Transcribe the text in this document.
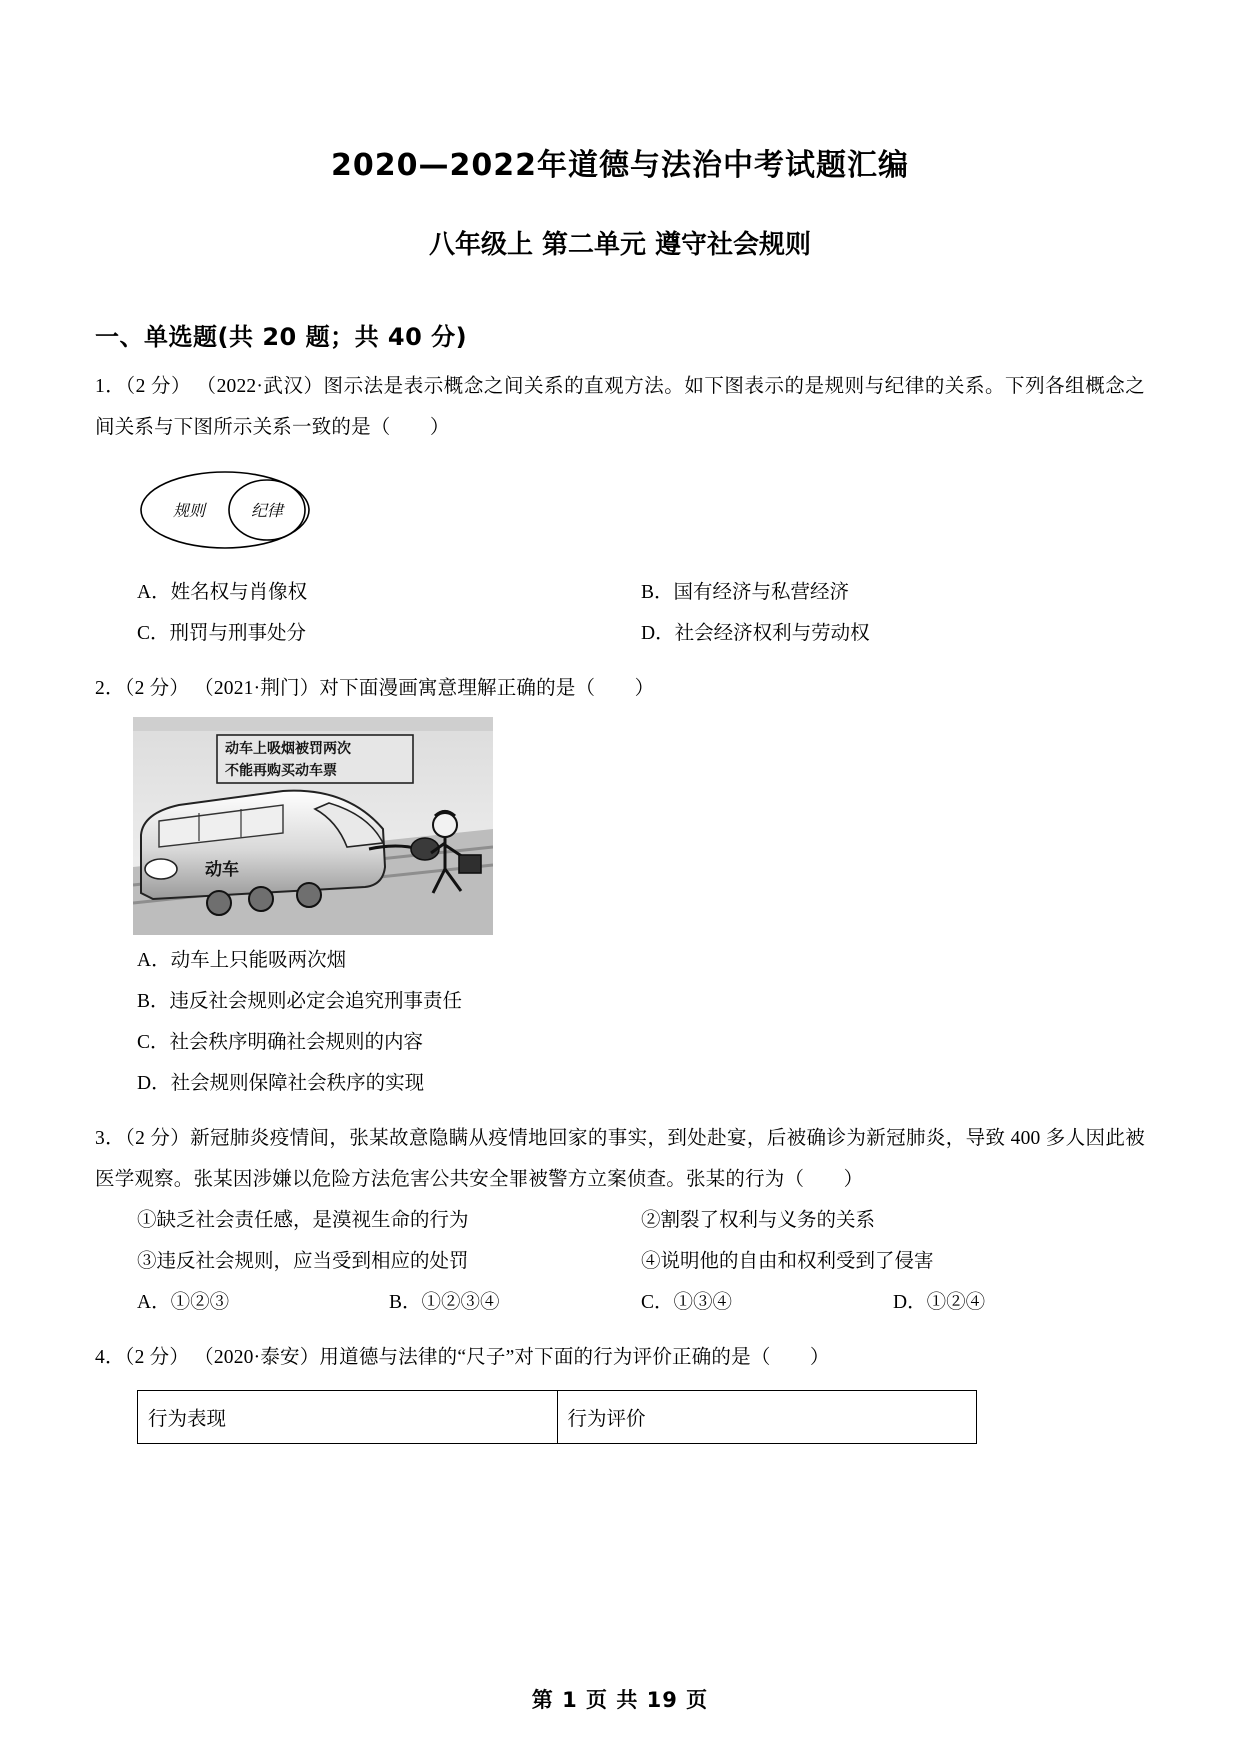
2020—2022年道德与法治中考试题汇编
八年级上 第二单元 遵守社会规则
一、单选题(共 20 题；共 40 分)
1．（2 分） （2022·武汉）图示法是表示概念之间关系的直观方法。如下图表示的是规则与纪律的关系。下列各组概念之间关系与下图所示关系一致的是（　　）
规则	纪律
A．姓名权与肖像权	B．国有经济与私营经济
C．刑罚与刑事处分	D．社会经济权利与劳动权
2．（2 分） （2021·荆门）对下面漫画寓意理解正确的是（　　）
动车上吸烟被罚两次
不能再购买动车票
动车
A．动车上只能吸两次烟
B．违反社会规则必定会追究刑事责任
C．社会秩序明确社会规则的内容
D．社会规则保障社会秩序的实现
3．（2 分）新冠肺炎疫情间，张某故意隐瞒从疫情地回家的事实，到处赴宴，后被确诊为新冠肺炎，导致 400 多人因此被医学观察。张某因涉嫌以危险方法危害公共安全罪被警方立案侦查。张某的行为（　　）
①缺乏社会责任感，是漠视生命的行为	②割裂了权利与义务的关系
③违反社会规则，应当受到相应的处罚	④说明他的自由和权利受到了侵害
A．①②③	B．①②③④	C．①③④	D．①②④
4．（2 分） （2020·泰安）用道德与法律的“尺子”对下面的行为评价正确的是（　　）
行为表现	行为评价
第 1 页 共 19 页
